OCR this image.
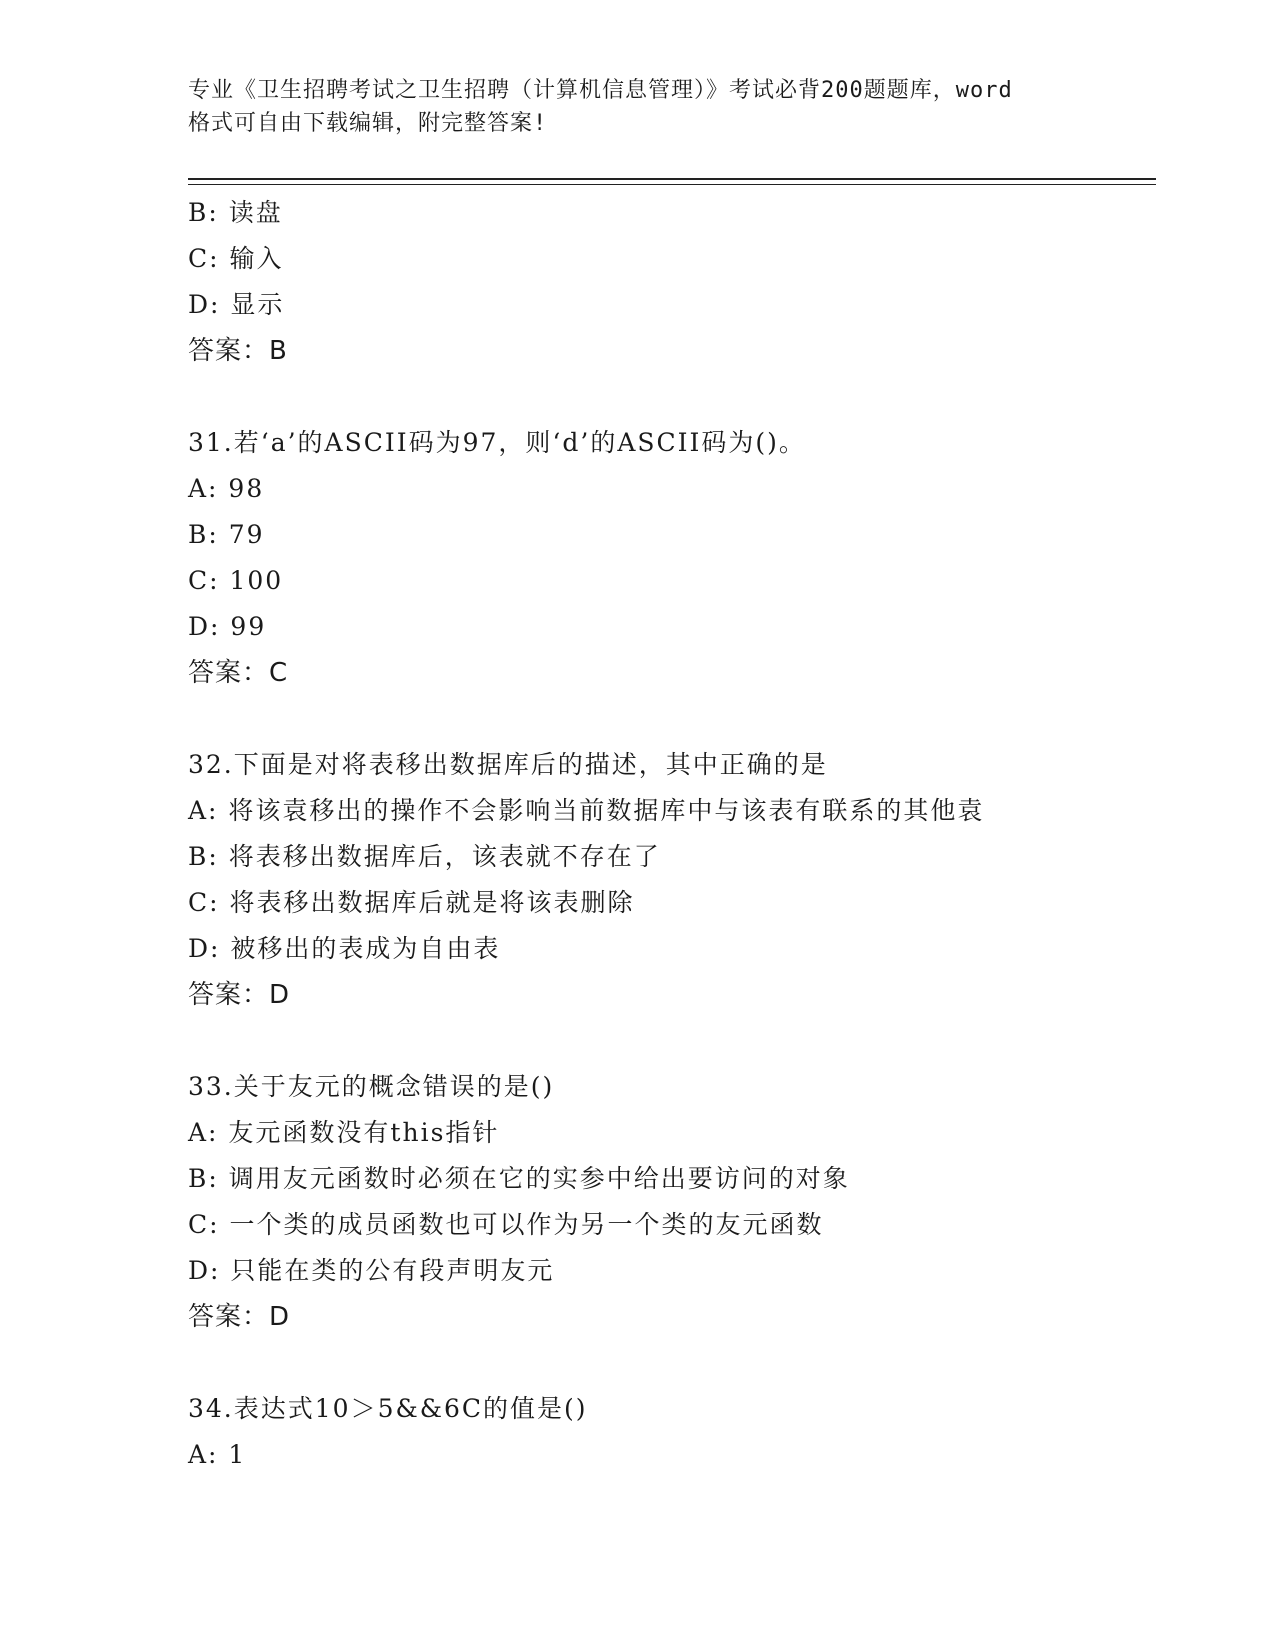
专业《卫生招聘考试之卫生招聘（计算机信息管理）》考试必背200题题库，word
格式可自由下载编辑，附完整答案!
B: 读盘
C: 输入
D: 显示
答案：B
31.若‘a’的ASCII码为97，则‘d’的ASCII码为()。
A: 98
B: 79
C: 100
D: 99
答案：C
32.下面是对将表移出数据库后的描述，其中正确的是
A: 将该袁移出的操作不会影响当前数据库中与该表有联系的其他袁
B: 将表移出数据库后，该表就不存在了
C: 将表移出数据库后就是将该表删除
D: 被移出的表成为自由表
答案：D
33.关于友元的概念错误的是()
A: 友元函数没有this指针
B: 调用友元函数时必须在它的实参中给出要访问的对象
C: 一个类的成员函数也可以作为另一个类的友元函数
D: 只能在类的公有段声明友元
答案：D
34.表达式10＞5&&6C的值是()
A: 1
